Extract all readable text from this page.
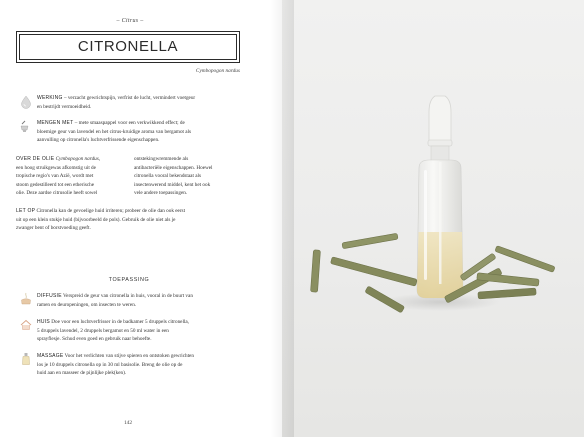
– Citrus –
CITRONELLA
Cymbopogon nardus
WERKING – verzacht gewrichtspijn, verfrist de lucht, vermindert voetgeur
en bestrijdt vermoeidheid.
MENGEN MET – mete smaaspappel voor een verkwikkend effect; de
bloemige geur van lavendel en het citrus-kruidige aroma van bergamot als
aanvulling op citronella's luchtverfrissende eigenschappen.
OVER DE OLIE Cymbopogon nardus,
een hoog struikgewas afkomstig uit de
tropische regio's van Azië, wordt met
stoom gedestilleerd tot een etherische
olie. Deze aardse citrusolie heeft sowel
ontstekingwremmende als
antibacteriële eigenschappen. Hoewel
citronella vooral bekendstaat als
insectenwerend middel, kent het ook
vele andere toepassingen.
LET OP Citronella kan de gevoelige huid irriteren; probeer de olie dan ook eerst
uit op een klein stukje huid (bijvoorbeeld de pols). Gebruik de olie niet als je
zwanger bent of borstvoeding geeft.
TOEPASSING
DIFFUSIE Verspreid de geur van citronella in huis, vooral in de buurt van
ramen en deuropeningen, om insecten te weren.
HUIS Doe voor een luchtverfrisser in de badkamer 5 druppels citronella,
5 druppels lavendel, 2 druppels bergamot en 50 ml water in een
sprayflesje. Schud even goed en gebruik naar behoefte.
MASSAGE Voor het verlichten van stijve spieren en ontstoken gewrichten
los je 10 druppels citronella op in 30 ml basisolie. Breng de olie op de
huid aan en masseer de pijnlijke plek(ken).
142
